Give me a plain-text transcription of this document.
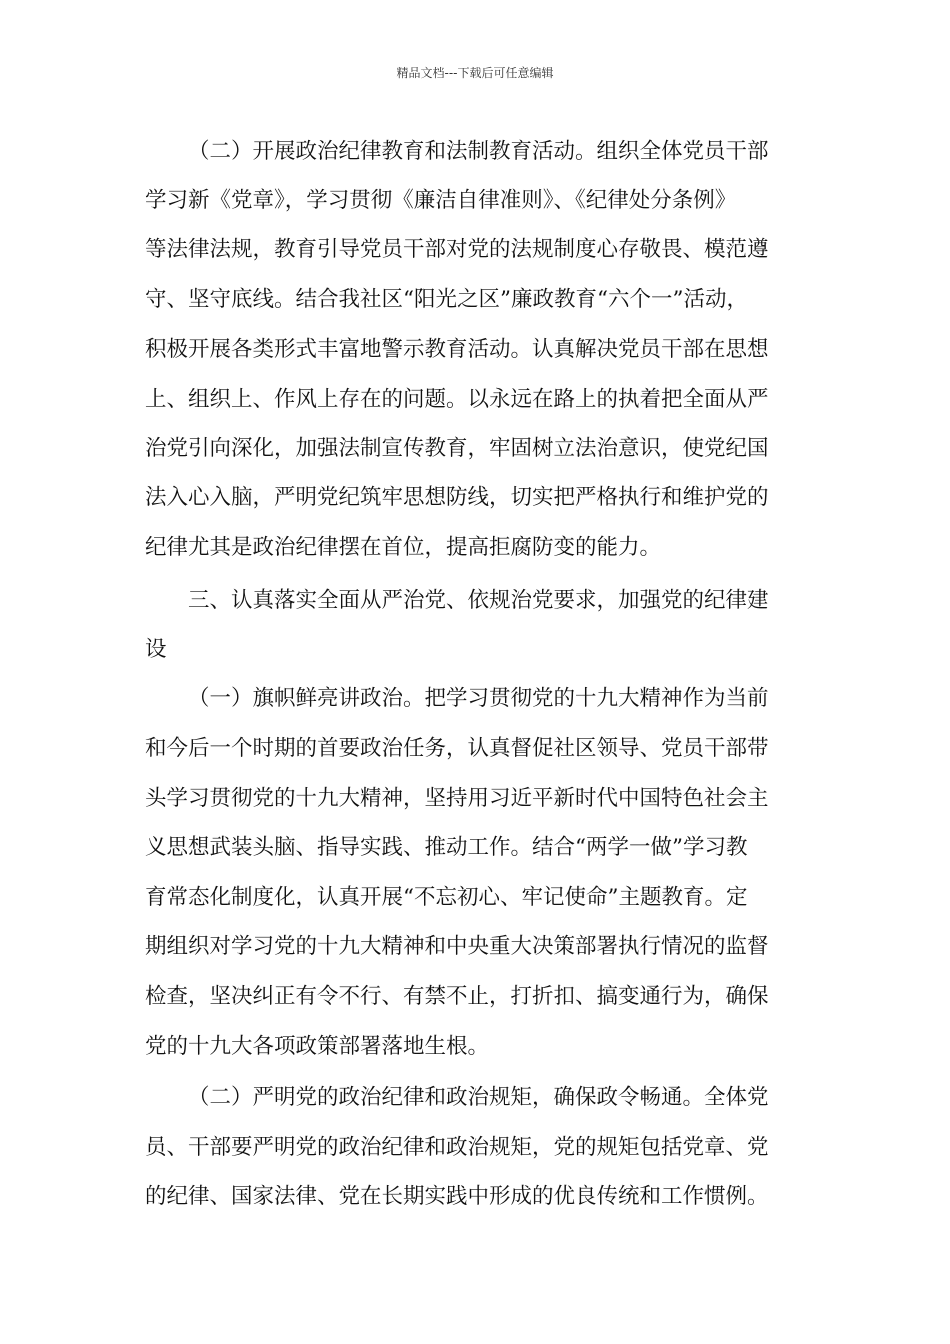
精品文档---下载后可任意编辑
（二）开展政治纪律教育和法制教育活动。组织全体党员干部
学习新《党章》，学习贯彻《廉洁自律准则》、《纪律处分条例》
等法律法规，教育引导党员干部对党的法规制度心存敬畏、模范遵
守、坚守底线。结合我社区“阳光之区”廉政教育“六个一”活动，
积极开展各类形式丰富地警示教育活动。认真解决党员干部在思想
上、组织上、作风上存在的问题。以永远在路上的执着把全面从严
治党引向深化，加强法制宣传教育，牢固树立法治意识，使党纪国
法入心入脑，严明党纪筑牢思想防线，切实把严格执行和维护党的
纪律尤其是政治纪律摆在首位，提高拒腐防变的能力。
三、认真落实全面从严治党、依规治党要求，加强党的纪律建
设
（一）旗帜鲜亮讲政治。把学习贯彻党的十九大精神作为当前
和今后一个时期的首要政治任务，认真督促社区领导、党员干部带
头学习贯彻党的十九大精神，坚持用习近平新时代中国特色社会主
义思想武装头脑、指导实践、推动工作。结合“两学一做”学习教
育常态化制度化，认真开展“不忘初心、牢记使命”主题教育。定
期组织对学习党的十九大精神和中央重大决策部署执行情况的监督
检查，坚决纠正有令不行、有禁不止，打折扣、搞变通行为，确保
党的十九大各项政策部署落地生根。
（二）严明党的政治纪律和政治规矩，确保政令畅通。全体党
员、干部要严明党的政治纪律和政治规矩，党的规矩包括党章、党
的纪律、国家法律、党在长期实践中形成的优良传统和工作惯例。
